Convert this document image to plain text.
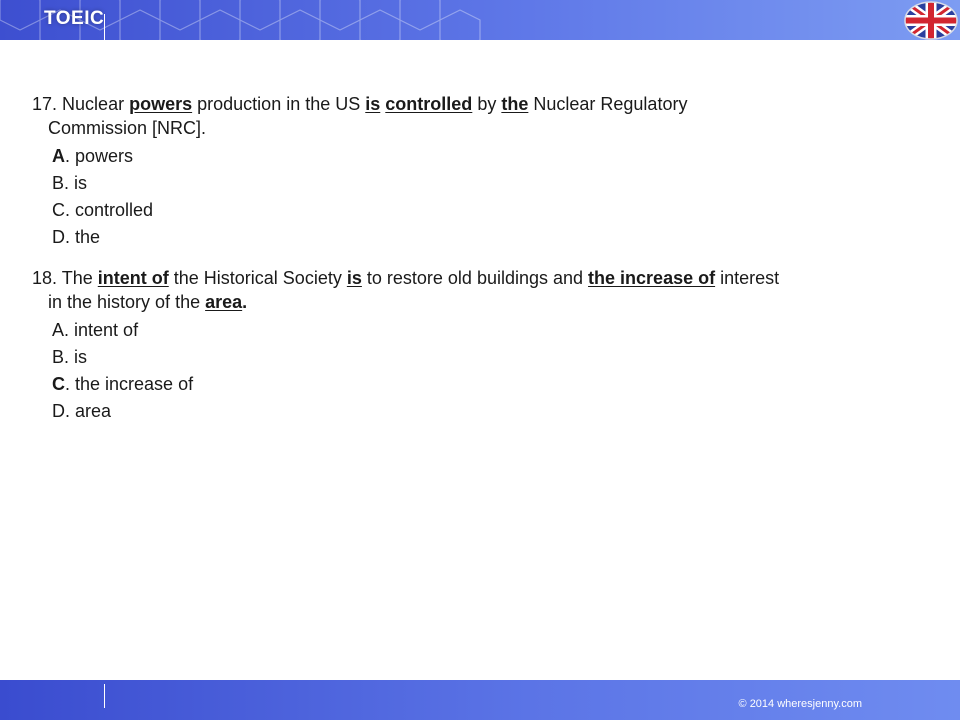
TOEIC
17. Nuclear powers production in the US is controlled by the Nuclear Regulatory
Commission [NRC].
A. powers
B. is
C. controlled
D. the
18. The intent of the Historical Society is to restore old buildings and the increase of interest
in the history of the area.
A. intent of
B. is
C. the increase of
D. area
© 2014 wheresjenny.com
